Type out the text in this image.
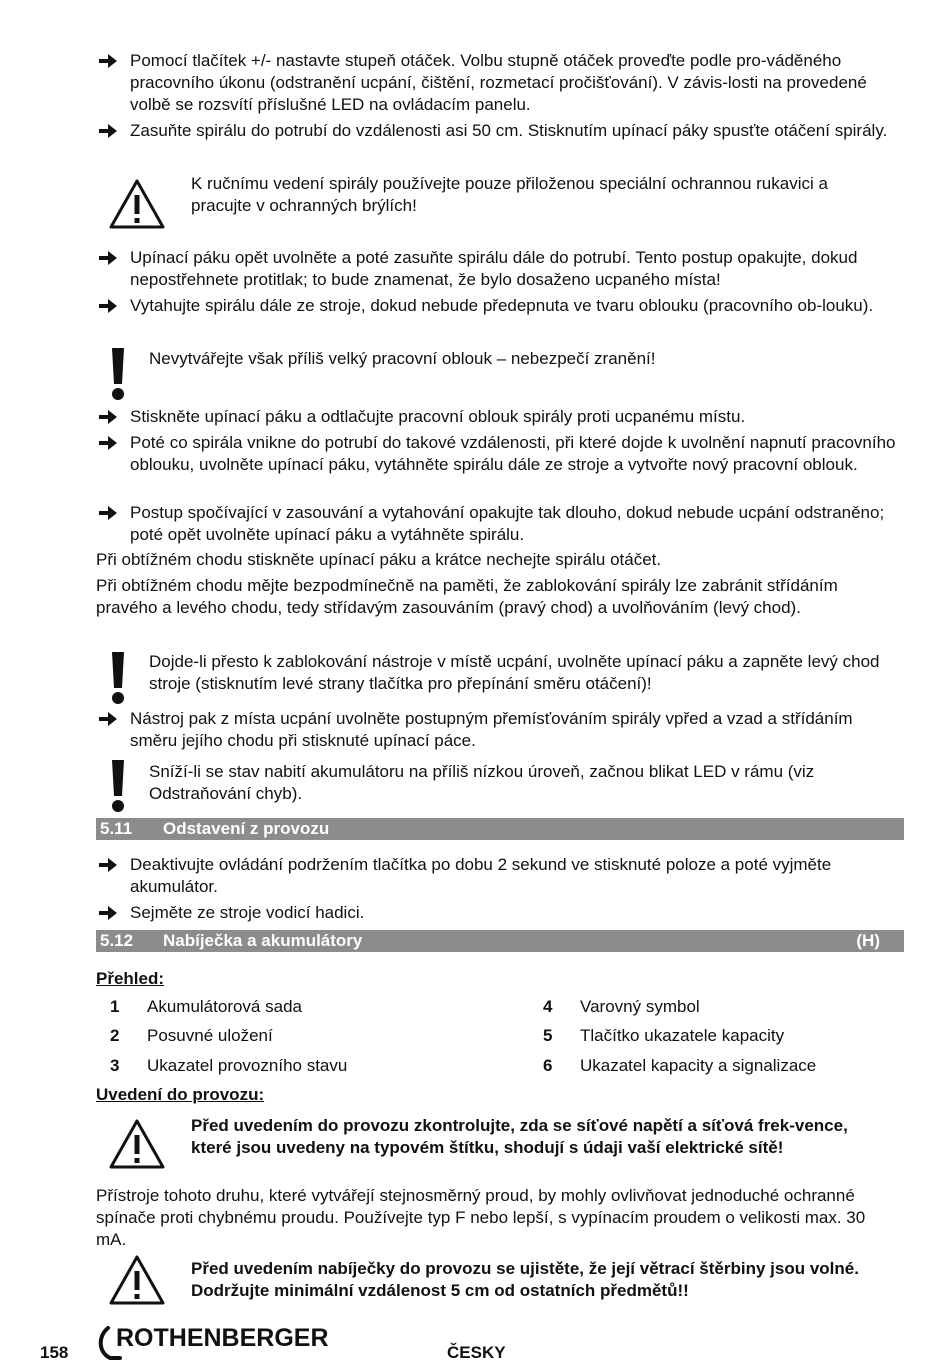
Pomocí tlačítek +/- nastavte stupeň otáček. Volbu stupně otáček proveďte podle pro-váděného pracovního úkonu (odstranění ucpání, čištění, rozmetací pročišťování). V závis-losti na provedené volbě se rozsvítí příslušné LED na ovládacím panelu.
Zasuňte spirálu do potrubí do vzdálenosti asi 50 cm. Stisknutím upínací páky spusťte otáčení spirály.
K ručnímu vedení spirály používejte pouze přiloženou speciální ochrannou rukavici a pracujte v ochranných brýlích!
Upínací páku opět uvolněte a poté zasuňte spirálu dále do potrubí. Tento postup opakujte, dokud nepostřehnete protitlak; to bude znamenat, že bylo dosaženo ucpaného místa!
Vytahujte spirálu dále ze stroje, dokud nebude předepnuta ve tvaru oblouku (pracovního ob-louku).
Nevytvářejte však příliš velký pracovní oblouk – nebezpečí zranění!
Stiskněte upínací páku a odtlačujte pracovní oblouk spirály proti ucpanému místu.
Poté co spirála vnikne do potrubí do takové vzdálenosti, při které dojde k uvolnění napnutí pracovního oblouku, uvolněte upínací páku, vytáhněte spirálu dále ze stroje a vytvořte nový pracovní oblouk.
Postup spočívající v zasouvání a vytahování opakujte tak dlouho, dokud nebude ucpání odstraněno; poté opět uvolněte upínací páku a vytáhněte spirálu.
Při obtížném chodu stiskněte upínací páku a krátce nechejte spirálu otáčet.
Při obtížném chodu mějte bezpodmínečně na paměti, že zablokování spirály lze zabránit střídáním pravého a levého chodu, tedy střídavým zasouváním (pravý chod) a uvolňováním (levý chod).
Dojde-li přesto k zablokování nástroje v místě ucpání, uvolněte upínací páku a zapněte levý chod stroje (stisknutím levé strany tlačítka pro přepínání směru otáčení)!
Nástroj pak z místa ucpání uvolněte postupným přemísťováním spirály vpřed a vzad a střídáním směru jejího chodu při stisknuté upínací páce.
Sníží-li se stav nabití akumulátoru na příliš nízkou úroveň, začnou blikat LED v rámu (viz Odstraňování chyb).
5.11 Odstavení z provozu
Deaktivujte ovládání podržením tlačítka po dobu 2 sekund ve stisknuté poloze a poté vyjměte akumulátor.
Sejměte ze stroje vodicí hadici.
5.12 Nabíječka a akumulátory	(H)
Přehled:
1 Akumulátorová sada
2 Posuvné uložení
3 Ukazatel provozního stavu
4 Varovný symbol
5 Tlačítko ukazatele kapacity
6 Ukazatel kapacity a signalizace
Uvedení do provozu:
Před uvedením do provozu zkontrolujte, zda se síťové napětí a síťová frek-vence, které jsou uvedeny na typovém štítku, shodují s údaji vaší elektrické sítě!
Přístroje tohoto druhu, které vytvářejí stejnosměrný proud, by mohly ovlivňovat jednoduché ochranné spínače proti chybnému proudu. Používejte typ F nebo lepší, s vypínacím proudem o velikosti max. 30 mA.
Před uvedením nabíječky do provozu se ujistěte, že její větrací štěrbiny jsou volné. Dodržujte minimální vzdálenost 5 cm od ostatních předmětů!!
158
ROTHENBERGER
ČESKY
